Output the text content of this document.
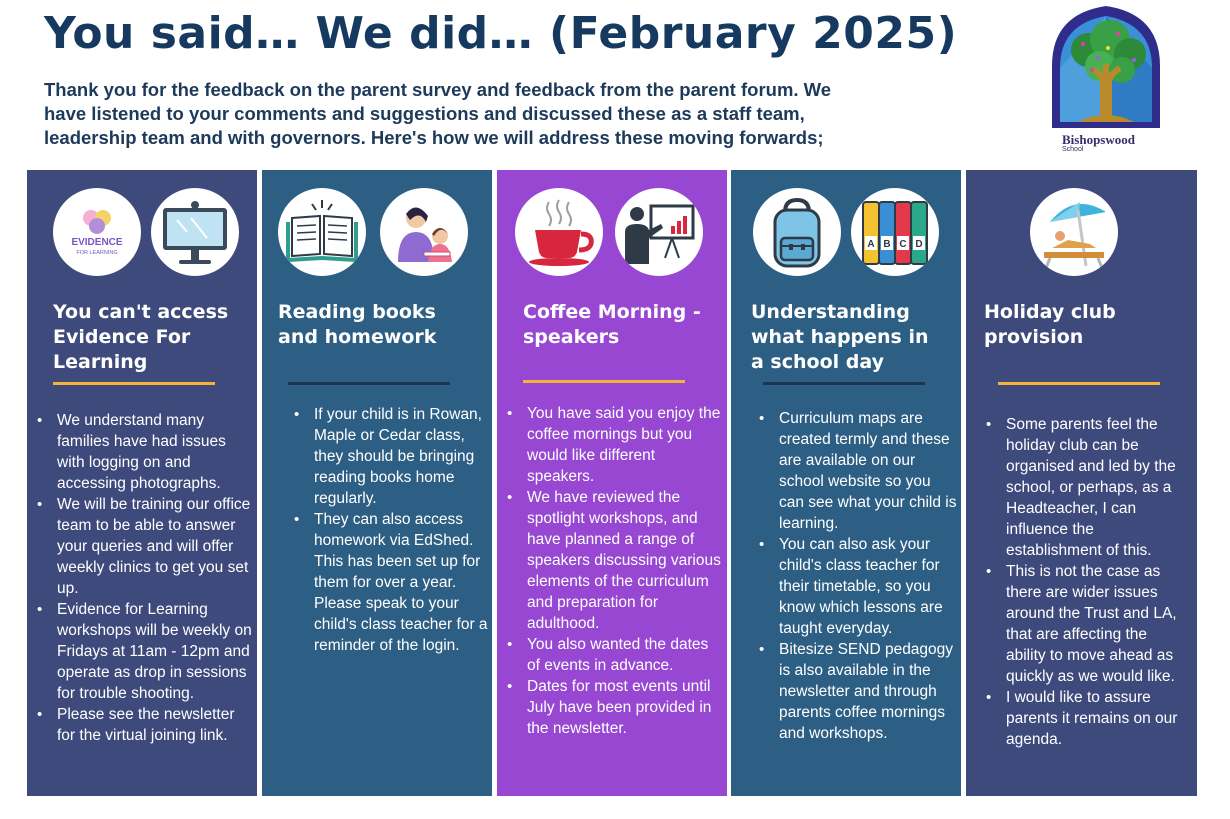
You said… We did… (February 2025)
Thank you for the feedback on the parent survey and feedback from the parent forum. We have listened to your comments and suggestions and discussed these as a staff team, leadership team and with governors. Here's how we will address these moving forwards;	Bishopswood
School
EVIDENCE
FOR LEARNING
You can't access Evidence For Learning
• We understand many families have had issues with logging on and accessing photographs.
• We will be training our office team to be able to answer your queries and will offer weekly clinics to get you set up.
• Evidence for Learning workshops will be weekly on Fridays at 11am - 12pm and operate as drop in sessions for trouble shooting.
• Please see the newsletter for the virtual joining link.
Reading books and homework
• If your child is in Rowan, Maple or Cedar class, they should be bringing reading books home regularly.
• They can also access homework via EdShed. This has been set up for them for over a year. Please speak to your child's class teacher for a reminder of the login.
Coffee Morning - speakers
• You have said you enjoy the coffee mornings but you would like different speakers.
• We have reviewed the spotlight workshops, and have planned a range of speakers discussing various elements of the curriculum and preparation for adulthood.
• You also wanted the dates of events in advance.
• Dates for most events until July have been provided in the newsletter.
A B C D
Understanding what happens in a school day
• Curriculum maps are created termly and these are available on our school website so you can see what your child is learning.
• You can also ask your child's class teacher for their timetable, so you know which lessons are taught everyday.
• Bitesize SEND pedagogy is also available in the newsletter and through parents coffee mornings and workshops.
Holiday club provision
• Some parents feel the holiday club can be organised and led by the school, or perhaps, as a Headteacher, I can influence the establishment of this.
• This is not the case as there are wider issues around the Trust and LA, that are affecting the ability to move ahead as quickly as we would like.
• I would like to assure parents it remains on our agenda.
